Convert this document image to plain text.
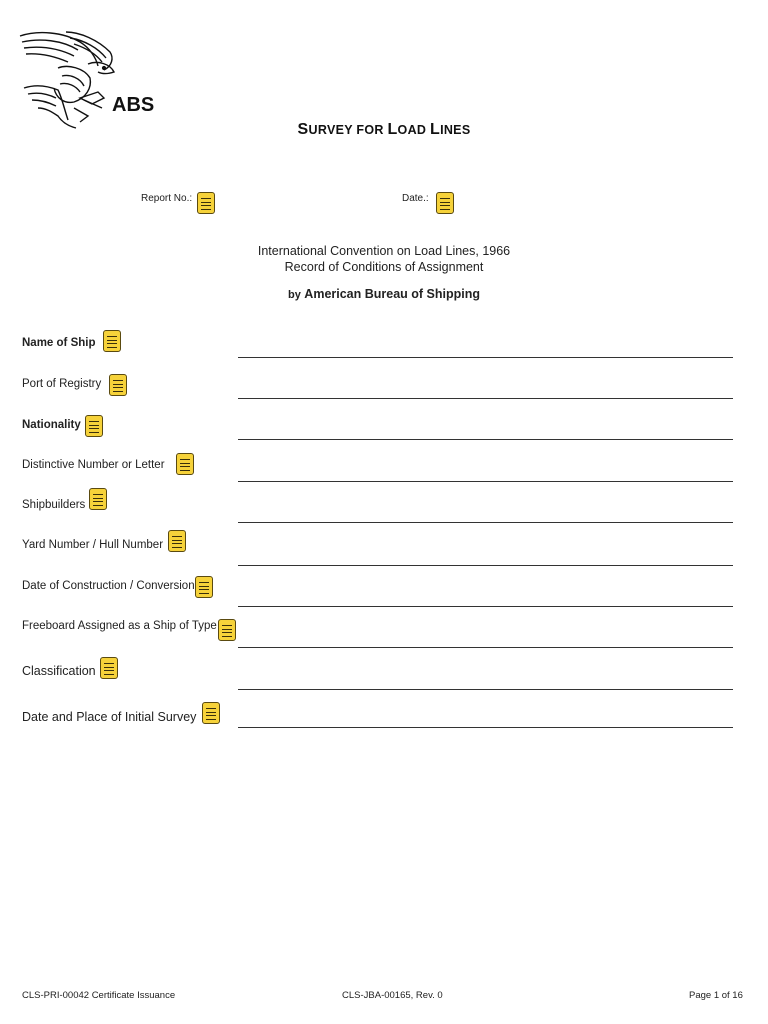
ABS
SURVEY FOR LOAD LINES
Report No.:	Date.:
International Convention on Load Lines, 1966
Record of Conditions of Assignment
by American Bureau of Shipping
Name of Ship
Port of Registry
Nationality
Distinctive Number or Letter
Shipbuilders
Yard Number / Hull Number
Date of Construction / Conversion
Freeboard Assigned as a Ship of Type
Classification
Date and Place of Initial Survey
CLS-PRI-00042 Certificate Issuance	CLS-JBA-00165, Rev. 0	Page 1 of 16
